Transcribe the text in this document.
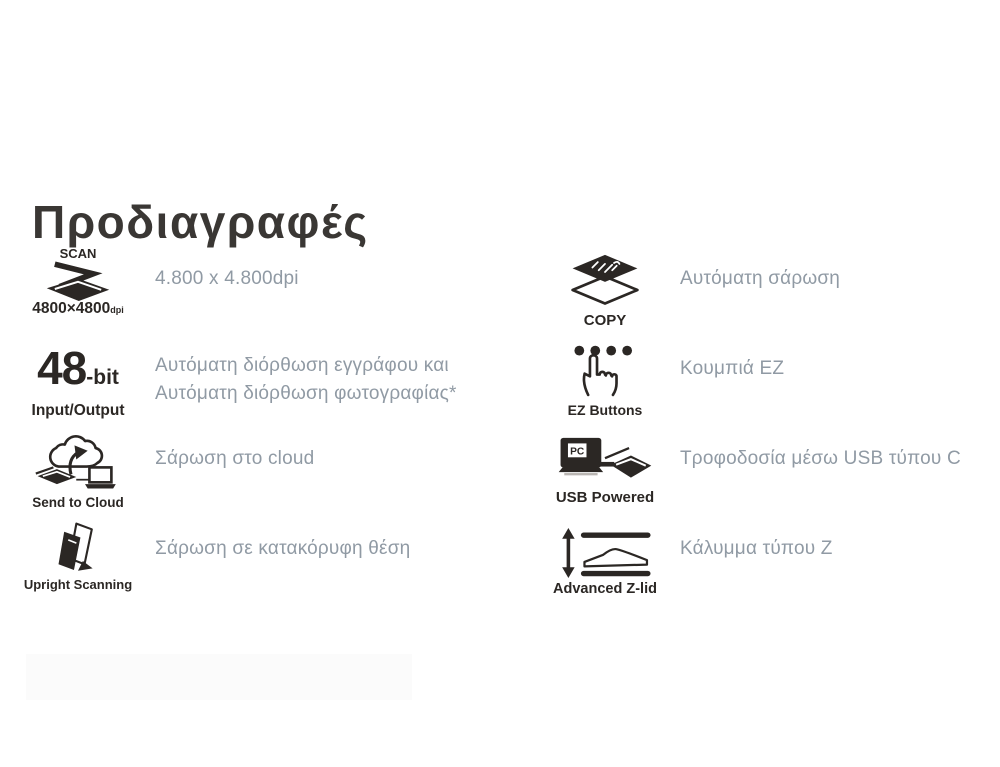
Προδιαγραφές
SCAN
4800×4800dpi
4.800 x 4.800dpi
48-bit
Input/Output
Αυτόματη διόρθωση εγγράφου και
Αυτόματη διόρθωση φωτογραφίας*
Send to Cloud
Σάρωση στο cloud
Upright Scanning
Σάρωση σε κατακόρυφη θέση
COPY
Αυτόματη σάρωση
EZ Buttons
Κουμπιά EZ
PC
USB Powered
Τροφοδοσία μέσω USB τύπου C
Advanced Z-lid
Κάλυμμα τύπου Z
